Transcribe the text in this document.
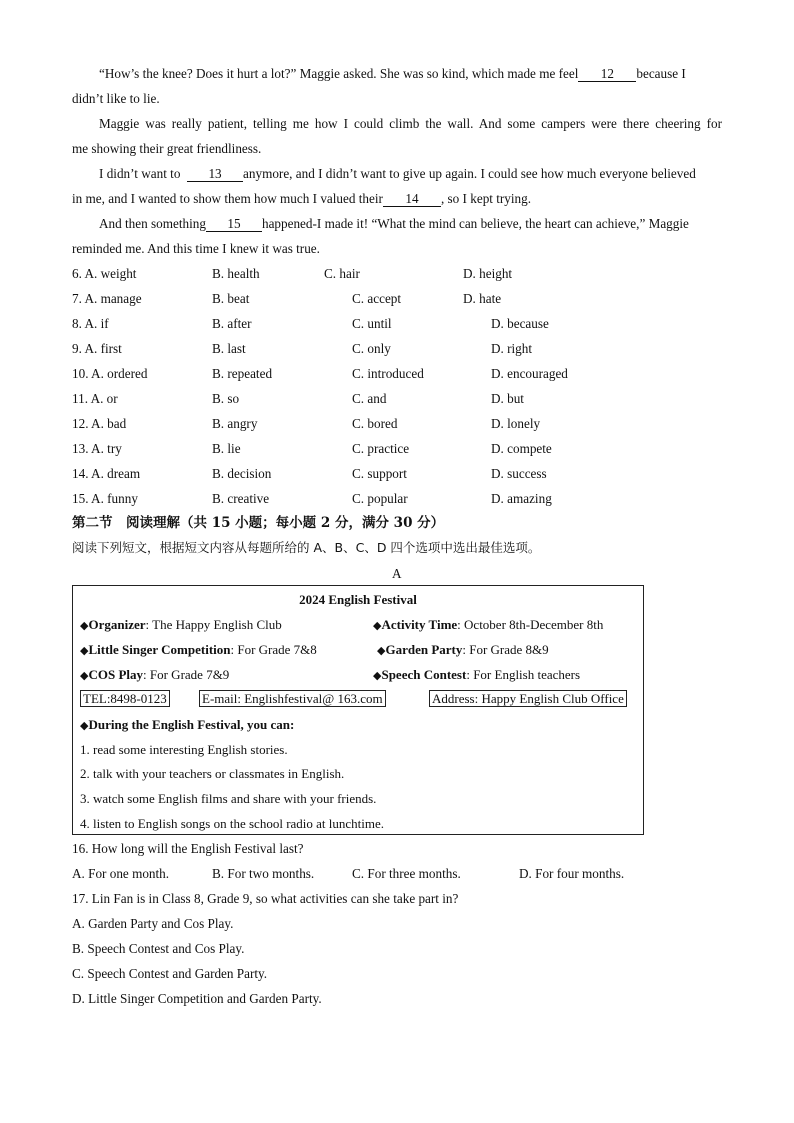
“How’s the knee? Does it hurt a lot?” Maggie asked. She was so kind, which made me feel 12 because I
didn’t like to lie.
Maggie was really patient, telling me how I could climb the wall. And some campers were there cheering for
me showing their great friendliness.
I didn’t want to 13 anymore, and I didn’t want to give up again. I could see how much everyone believed
in me, and I wanted to show them how much I valued their 14 , so I kept trying.
And then something 15 happened-I made it! “What the mind can believe, the heart can achieve,” Maggie
reminded me. And this time I knew it was true.
6. A. weight	B. health	C. hair	D. height
7. A. manage	B. beat	C. accept	D. hate
8. A. if	B. after	C. until	D. because
9. A. first	B. last	C. only	D. right
10. A. ordered	B. repeated	C. introduced	D. encouraged
11. A. or	B. so	C. and	D. but
12. A. bad	B. angry	C. bored	D. lonely
13. A. try	B. lie	C. practice	D. compete
14. A. dream	B. decision	C. support	D. success
15. A. funny	B. creative	C. popular	D. amazing
第二节　阅读理解（共 15 小题；每小题 2 分，满分 30 分）
阅读下列短文，根据短文内容从每题所给的 A、B、C、D 四个选项中选出最佳选项。
A
2024 English Festival
◆Organizer: The Happy English Club	◆Activity Time: October 8th-December 8th
◆Little Singer Competition: For Grade 7&8	◆Garden Party: For Grade 8&9
◆COS Play: For Grade 7&9	◆Speech Contest: For English teachers
TEL:8498-0123	E-mail: Englishfestival@ 163.com	Address: Happy English Club Office
◆During the English Festival, you can:
1. read some interesting English stories.
2. talk with your teachers or classmates in English.
3. watch some English films and share with your friends.
4. listen to English songs on the school radio at lunchtime.
16. How long will the English Festival last?
A. For one month.	B. For two months.	C. For three months.	D. For four months.
17. Lin Fan is in Class 8, Grade 9, so what activities can she take part in?
A. Garden Party and Cos Play.
B. Speech Contest and Cos Play.
C. Speech Contest and Garden Party.
D. Little Singer Competition and Garden Party.
